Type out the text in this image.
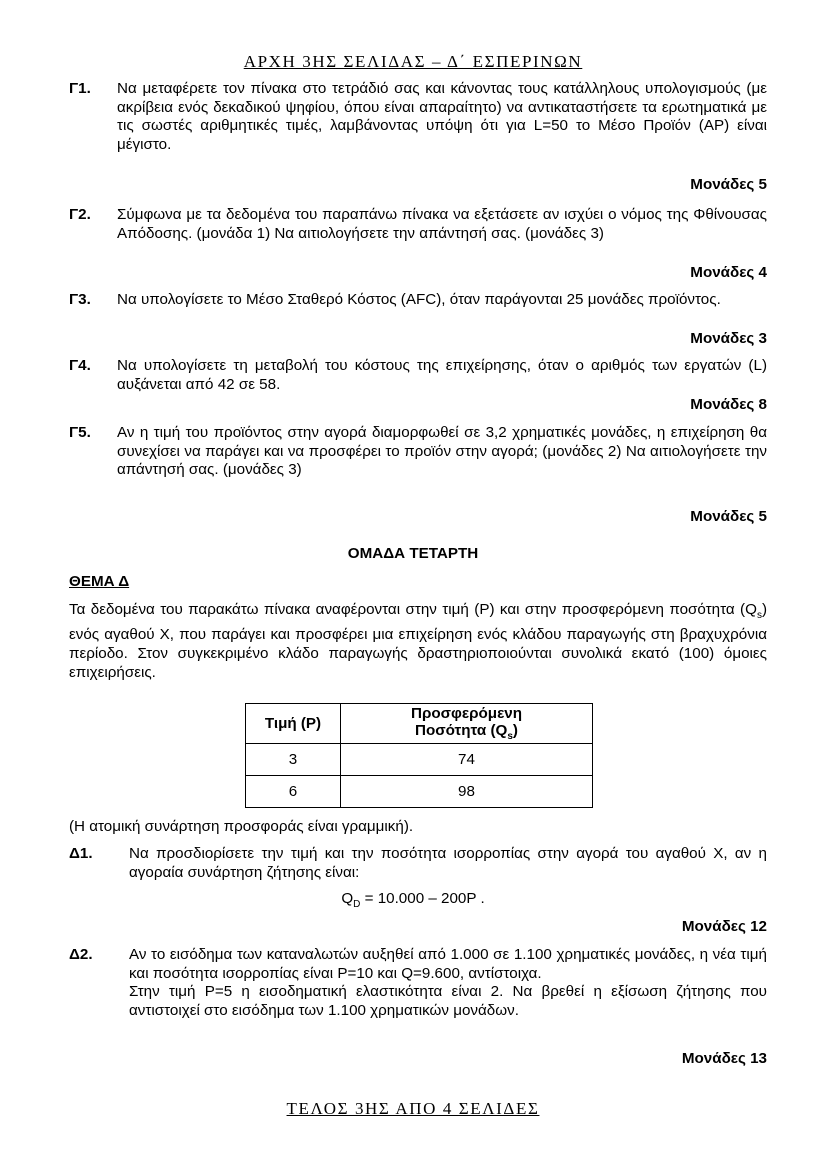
ΑΡΧΗ 3ΗΣ ΣΕΛΙΔΑΣ – Δ΄ ΕΣΠΕΡΙΝΩΝ
Γ1. Να μεταφέρετε τον πίνακα στο τετράδιό σας και κάνοντας τους κατάλληλους υπολογισμούς (με ακρίβεια ενός δεκαδικού ψηφίου, όπου είναι απαραίτητο) να αντικαταστήσετε τα ερωτηματικά με τις σωστές αριθμητικές τιμές, λαμβάνοντας υπόψη ότι για L=50 το Μέσο Προϊόν (AP) είναι μέγιστο.
Μονάδες 5
Γ2. Σύμφωνα με τα δεδομένα του παραπάνω πίνακα να εξετάσετε αν ισχύει ο νόμος της Φθίνουσας Απόδοσης. (μονάδα 1) Να αιτιολογήσετε την απάντησή σας. (μονάδες 3)
Μονάδες 4
Γ3. Να υπολογίσετε το Μέσο Σταθερό Κόστος (AFC), όταν παράγονται 25 μονάδες προϊόντος.
Μονάδες 3
Γ4. Να υπολογίσετε τη μεταβολή του κόστους της επιχείρησης, όταν ο αριθμός των εργατών (L) αυξάνεται από 42 σε 58.
Μονάδες 8
Γ5. Αν η τιμή του προϊόντος στην αγορά διαμορφωθεί σε 3,2 χρηματικές μονάδες, η επιχείρηση θα συνεχίσει να παράγει και να προσφέρει το προϊόν στην αγορά; (μονάδες 2) Να αιτιολογήσετε την απάντησή σας. (μονάδες 3)
Μονάδες 5
ΟΜΑΔΑ ΤΕΤΑΡΤΗ
ΘΕΜΑ Δ
Τα δεδομένα του παρακάτω πίνακα αναφέρονται στην τιμή (P) και στην προσφερόμενη ποσότητα $(Q_s)$ ενός αγαθού Χ, που παράγει και προσφέρει μια επιχείρηση ενός κλάδου παραγωγής στη βραχυχρόνια περίοδο. Στον συγκεκριμένο κλάδο παραγωγής δραστηριοποιούνται συνολικά εκατό (100) όμοιες επιχειρήσεις.
Τιμή (P)	Προσφερόμενη
Ποσότητα $(Q_s)$

3	74
6	98
(Η ατομική συνάρτηση προσφοράς είναι γραμμική).
Δ1. Να προσδιορίσετε την τιμή και την ποσότητα ισορροπίας στην αγορά του αγαθού Χ, αν η αγοραία συνάρτηση ζήτησης είναι:
$Q_D = 10.000 - 200P$ .
Μονάδες 12
Δ2. Αν το εισόδημα των καταναλωτών αυξηθεί από 1.000 σε 1.100 χρηματικές μονάδες, η νέα τιμή και ποσότητα ισορροπίας είναι P=10 και Q=9.600, αντίστοιχα.
Στην τιμή P=5 η εισοδηματική ελαστικότητα είναι 2. Να βρεθεί η εξίσωση ζήτησης που αντιστοιχεί στο εισόδημα των 1.100 χρηματικών μονάδων.
Μονάδες 13
ΤΕΛΟΣ 3ΗΣ ΑΠΟ 4 ΣΕΛΙΔΕΣ
